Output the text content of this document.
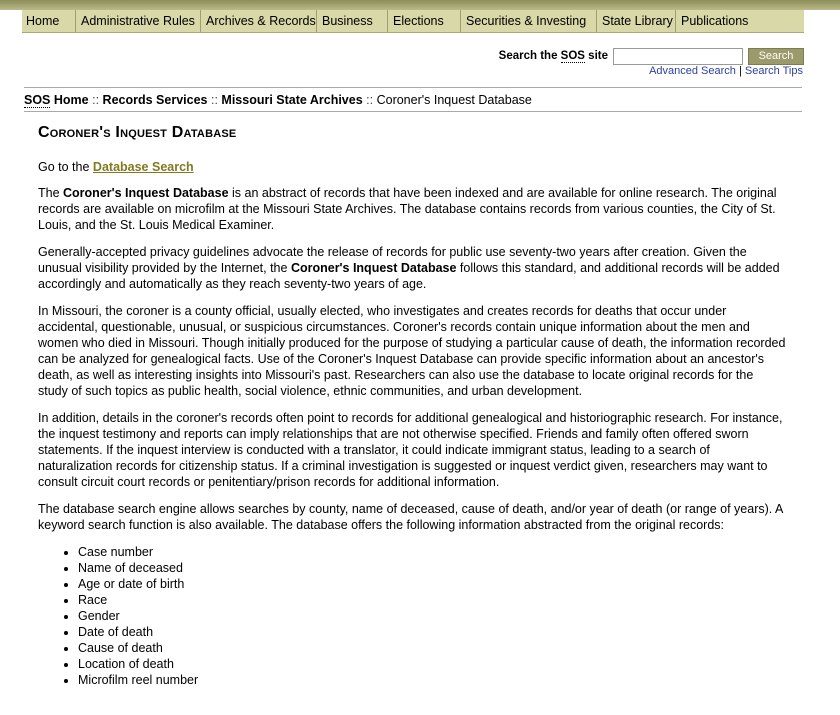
Home	Administrative Rules Archives & Records Business	Elections	Securities & Investing	State Library Publications
Search the SOS site	Search
Advanced Search | Search Tips
SOS Home :: Records Services :: Missouri State Archives :: Coroner's Inquest Database
Coroner's Inquest Database

Go to the Database Search

The Coroner's Inquest Database is an abstract of records that have been indexed and are available for online research. The original records are available on microfilm at the Missouri State Archives. The database contains records from various counties, the City of St. Louis, and the St. Louis Medical Examiner.

Generally-accepted privacy guidelines advocate the release of records for public use seventy-two years after creation. Given the unusual visibility provided by the Internet, the Coroner's Inquest Database follows this standard, and additional records will be added accordingly and automatically as they reach seventy-two years of age.

In Missouri, the coroner is a county official, usually elected, who investigates and creates records for deaths that occur under accidental, questionable, unusual, or suspicious circumstances. Coroner's records contain unique information about the men and women who died in Missouri. Though initially produced for the purpose of studying a particular cause of death, the information recorded can be analyzed for genealogical facts. Use of the Coroner's Inquest Database can provide specific information about an ancestor's death, as well as interesting insights into Missouri's past. Researchers can also use the database to locate original records for the study of such topics as public health, social violence, ethnic communities, and urban development.

In addition, details in the coroner's records often point to records for additional genealogical and historiographic research. For instance, the inquest testimony and reports can imply relationships that are not otherwise specified. Friends and family often offered sworn statements. If the inquest interview is conducted with a translator, it could indicate immigrant status, leading to a search of naturalization records for citizenship status. If a criminal investigation is suggested or inquest verdict given, researchers may want to consult circuit court records or penitentiary/prison records for additional information.

The database search engine allows searches by county, name of deceased, cause of death, and/or year of death (or range of years). A keyword search function is also available. The database offers the following information abstracted from the original records:

• Case number
• Name of deceased
• Age or date of birth
• Race
• Gender
• Date of death
• Cause of death
• Location of death
• Microfilm reel number
